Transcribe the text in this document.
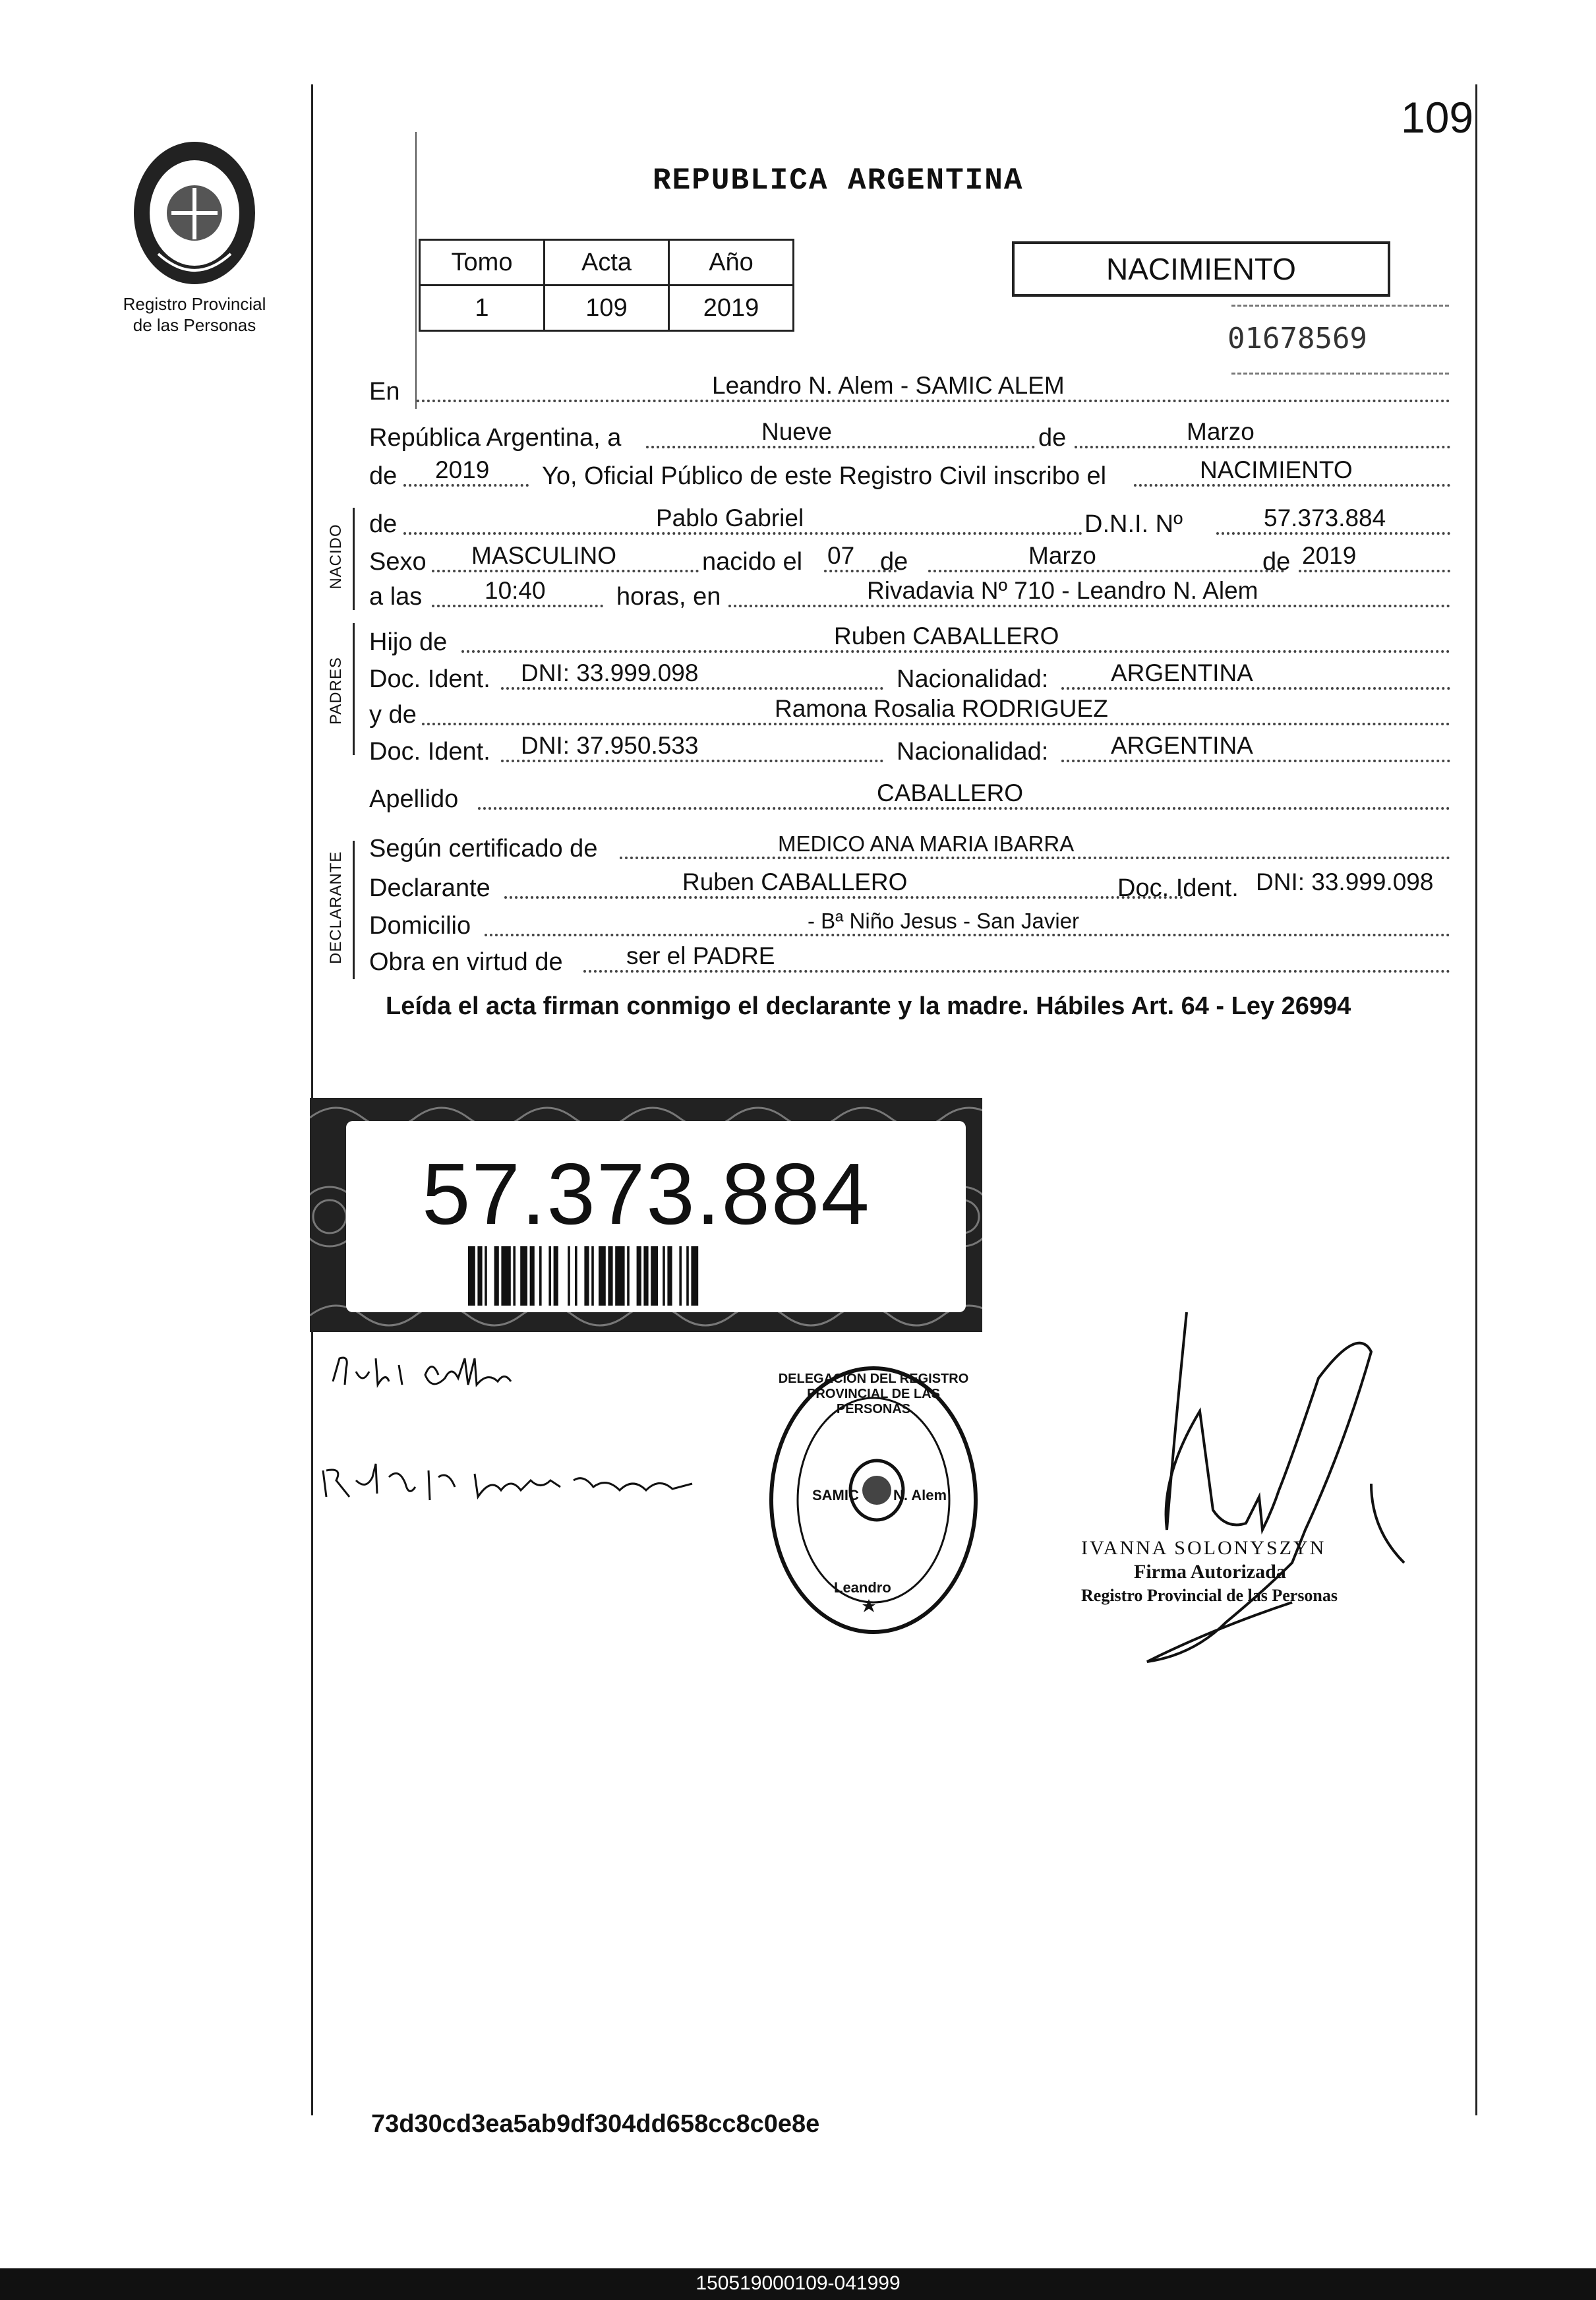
109
Registro Provincial
de las Personas
REPUBLICA ARGENTINA
Tomo	Acta	Año
1	109	2019
NACIMIENTO
01678569
En	Leandro N. Alem - SAMIC ALEM
República Argentina, a	Nueve	de	Marzo
de 2019 Yo, Oficial Público de este Registro Civil inscribo el	NACIMIENTO
NACIDO de	Pablo Gabriel	D.N.I. Nº	57.373.884
Sexo MASCULINO	nacido el 07 de	Marzo	de 2019
a las	10:40	horas, en	Rivadavia Nº 710 - Leandro N. Alem
PADRES
Hijo de	Ruben CABALLERO
Doc. Ident. DNI: 33.999.098	Nacionalidad:	ARGENTINA
y de	Ramona Rosalia RODRIGUEZ
Doc. Ident. DNI: 37.950.533	Nacionalidad:	ARGENTINA
Apellido	CABALLERO
DECLARANTE
Según certificado de	MEDICO ANA MARIA IBARRA
Declarante	Ruben CABALLERO	Doc. Ident. DNI: 33.999.098
Domicilio	- Bª Niño Jesus - San Javier
Obra en virtud de	ser el PADRE
Leída el acta firman conmigo el declarante y la madre. Hábiles Art. 64 - Ley 26994
57.373.884
DELEGACION DEL REGISTRO PROVINCIAL DE LAS PERSONAS
SAMIC N. Alem
Leandro
IVANNA SOLONYSZYN
Firma Autorizada
Registro Provincial de las Personas
73d30cd3ea5ab9df304dd658cc8c0e8e
150519000109-041999
